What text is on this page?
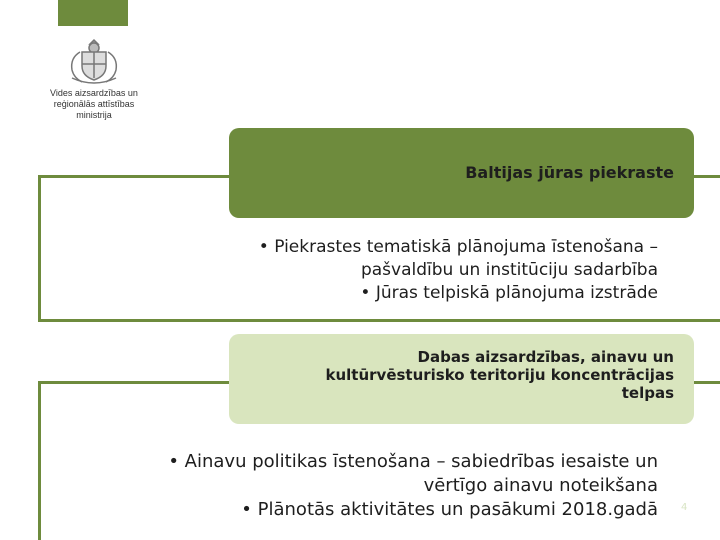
Vides aizsardzības un
reģionālās attīstības
ministrija
Baltijas jūras piekraste
• Piekrastes tematiskā plānojuma īstenošana –
pašvaldību un institūciju sadarbība
• Jūras telpiskā plānojuma izstrāde
Dabas aizsardzības, ainavu un
kultūrvēsturisko teritoriju koncentrācijas
telpas
• Ainavu politikas īstenošana – sabiedrības iesaiste un
vērtīgo ainavu noteikšana
• Plānotās aktivitātes un pasākumi 2018.gadā 4
